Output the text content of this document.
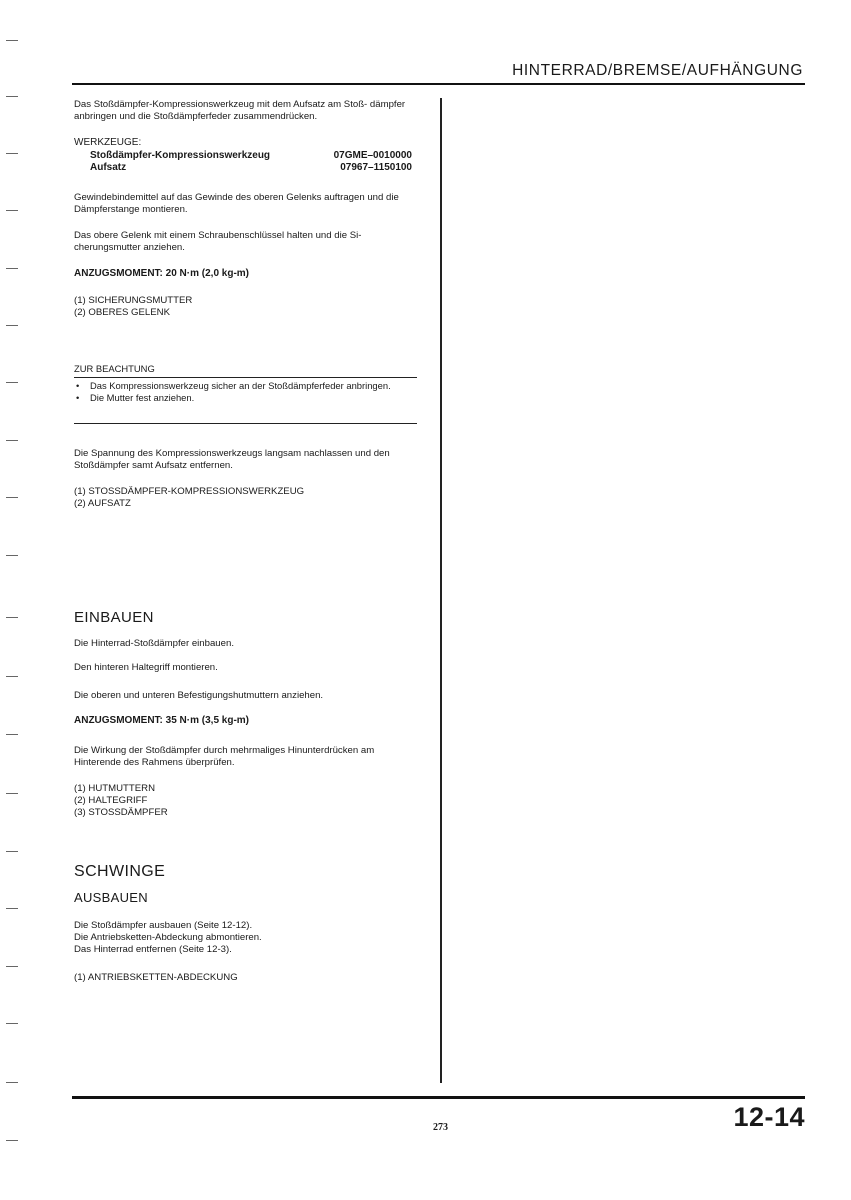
HINTERRAD/BREMSE/AUFHÄNGUNG
Das Stoßdämpfer-Kompressionswerkzeug mit dem Aufsatz am Stoß- dämpfer anbringen und die Stoßdämpferfeder zusammendrücken.
WERKZEUGE:
Stoßdämpfer-Kompressionswerkzeug	07GME–0010000
Aufsatz	07967–1150100
Gewindebindemittel auf das Gewinde des oberen Gelenks auftragen und die Dämpferstange montieren.
Das obere Gelenk mit einem Schraubenschlüssel halten und die Si- cherungsmutter anziehen.
ANZUGSMOMENT: 20 N·m (2,0 kg-m)
(1) SICHERUNGSMUTTER
(2) OBERES GELENK
ZUR BEACHTUNG
• Das Kompressionswerkzeug sicher an der Stoßdämpferfeder anbringen.
• Die Mutter fest anziehen.
Die Spannung des Kompressionswerkzeugs langsam nachlassen und den Stoßdämpfer samt Aufsatz entfernen.
(1) STOSSDÄMPFER-KOMPRESSIONSWERKZEUG
(2) AUFSATZ
EINBAUEN
Die Hinterrad-Stoßdämpfer einbauen.
Den hinteren Haltegriff montieren.
Die oberen und unteren Befestigungshutmuttern anziehen.
ANZUGSMOMENT: 35 N·m (3,5 kg-m)
Die Wirkung der Stoßdämpfer durch mehrmaliges Hinunterdrücken am Hinterende des Rahmens überprüfen.
(1) HUTMUTTERN
(2) HALTEGRIFF
(3) STOSSDÄMPFER
SCHWINGE
AUSBAUEN
Die Stoßdämpfer ausbauen (Seite 12-12).
Die Antriebsketten-Abdeckung abmontieren.
Das Hinterrad entfernen (Seite 12-3).
(1) ANTRIEBSKETTEN-ABDECKUNG
273	12-14
